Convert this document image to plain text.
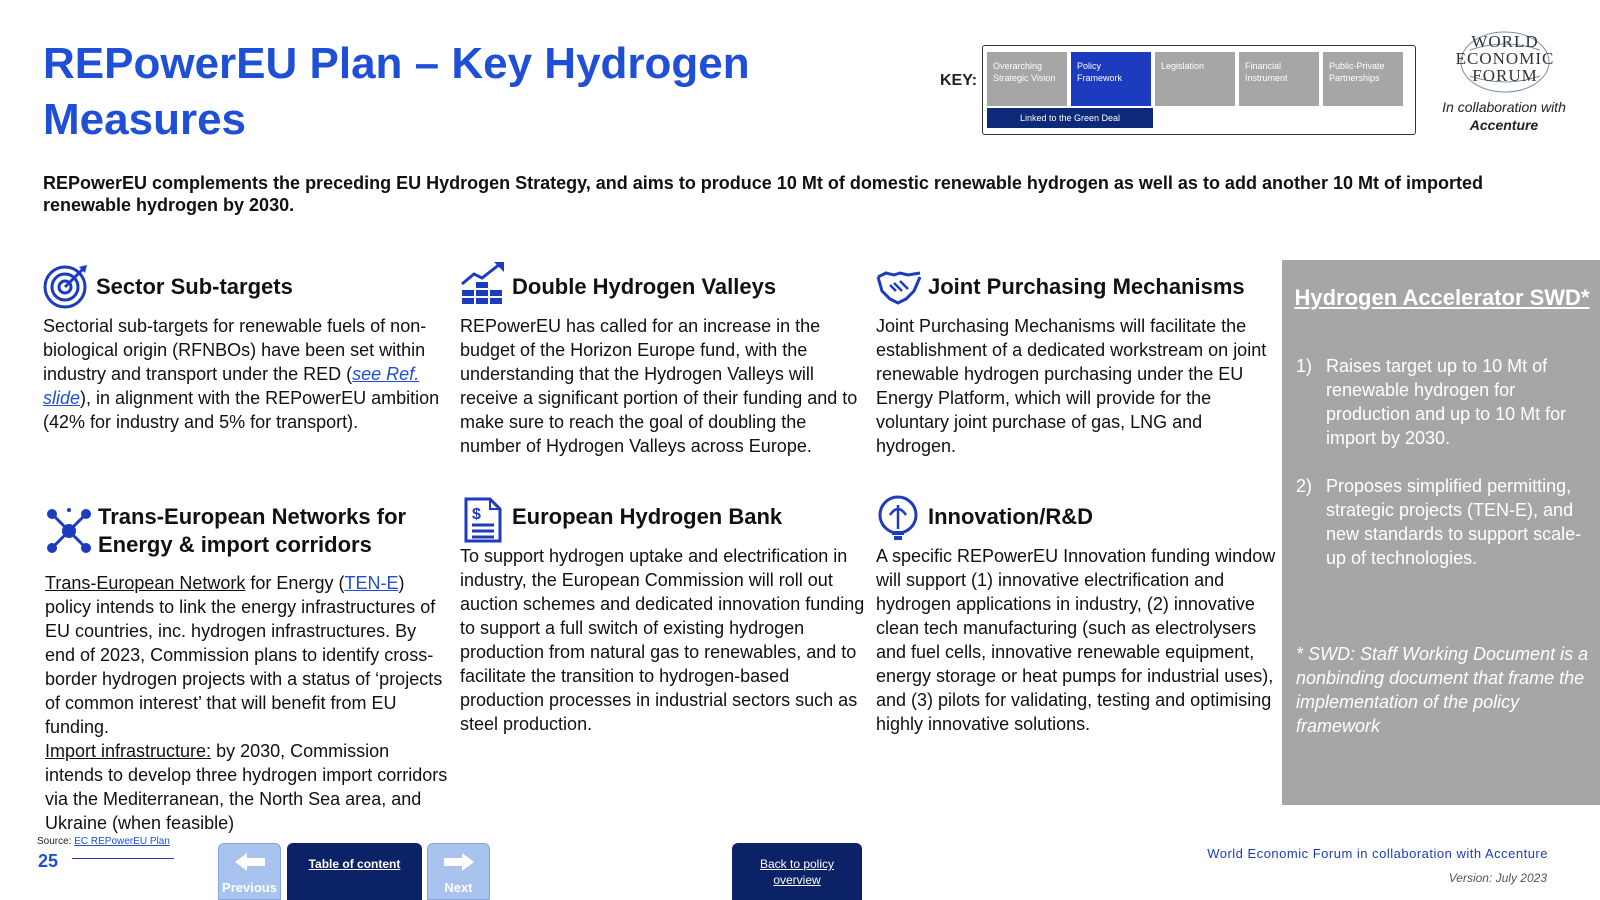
REPowerEU Plan – Key Hydrogen Measures
KEY:
Overarching Strategic Vision
Policy Framework
Legislation	Financial Instrument
Public-Private Partnerships
Linked to the Green Deal
WORLD
ECONOMIC
FORUM
In collaboration with
Accenture
REPowerEU complements the preceding EU Hydrogen Strategy, and aims to produce 10 Mt of domestic renewable hydrogen as well as to add another 10 Mt of imported renewable hydrogen by 2030.
Sector Sub-targets
Sectorial sub-targets for renewable fuels of non-biological origin (RFNBOs) have been set within industry and transport under the RED (see Ref. slide), in alignment with the REPowerEU ambition (42% for industry and 5% for transport).
Double Hydrogen Valleys
REPowerEU has called for an increase in the budget of the Horizon Europe fund, with the understanding that the Hydrogen Valleys will receive a significant portion of their funding and to make sure to reach the goal of doubling the number of Hydrogen Valleys across Europe.
Joint Purchasing Mechanisms
Joint Purchasing Mechanisms will facilitate the establishment of a dedicated workstream on joint renewable hydrogen purchasing under the EU Energy Platform, which will provide for the voluntary joint purchase of gas, LNG and hydrogen.
Trans-European Networks for Energy & import corridors
Trans-European Network for Energy (TEN-E) policy intends to link the energy infrastructures of EU countries, inc. hydrogen infrastructures. By end of 2023, Commission plans to identify cross-border hydrogen projects with a status of ‘projects of common interest’ that will benefit from EU funding.
Import infrastructure: by 2030, Commission intends to develop three hydrogen import corridors via the Mediterranean, the North Sea area, and Ukraine (when feasible)
$ European Hydrogen Bank
To support hydrogen uptake and electrification in industry, the European Commission will roll out auction schemes and dedicated innovation funding to support a full switch of existing hydrogen production from natural gas to renewables, and to facilitate the transition to hydrogen-based production processes in industrial sectors such as steel production.
Innovation/R&D
A specific REPowerEU Innovation funding window will support (1) innovative electrification and hydrogen applications in industry, (2) innovative clean tech manufacturing (such as electrolysers and fuel cells, innovative renewable equipment, energy storage or heat pumps for industrial uses), and (3) pilots for validating, testing and optimising highly innovative solutions.
Hydrogen Accelerator SWD*
1) Raises target up to 10 Mt of renewable hydrogen for production and up to 10 Mt for import by 2030.
2) Proposes simplified permitting, strategic projects (TEN-E), and new standards to support scale-up of technologies.
* SWD: Staff Working Document is a nonbinding document that frame the implementation of the policy framework
Source: EC REPowerEU Plan
25
Previous
Table of content
Next
Back to policy overview
World Economic Forum in collaboration with Accenture
Version: July 2023
